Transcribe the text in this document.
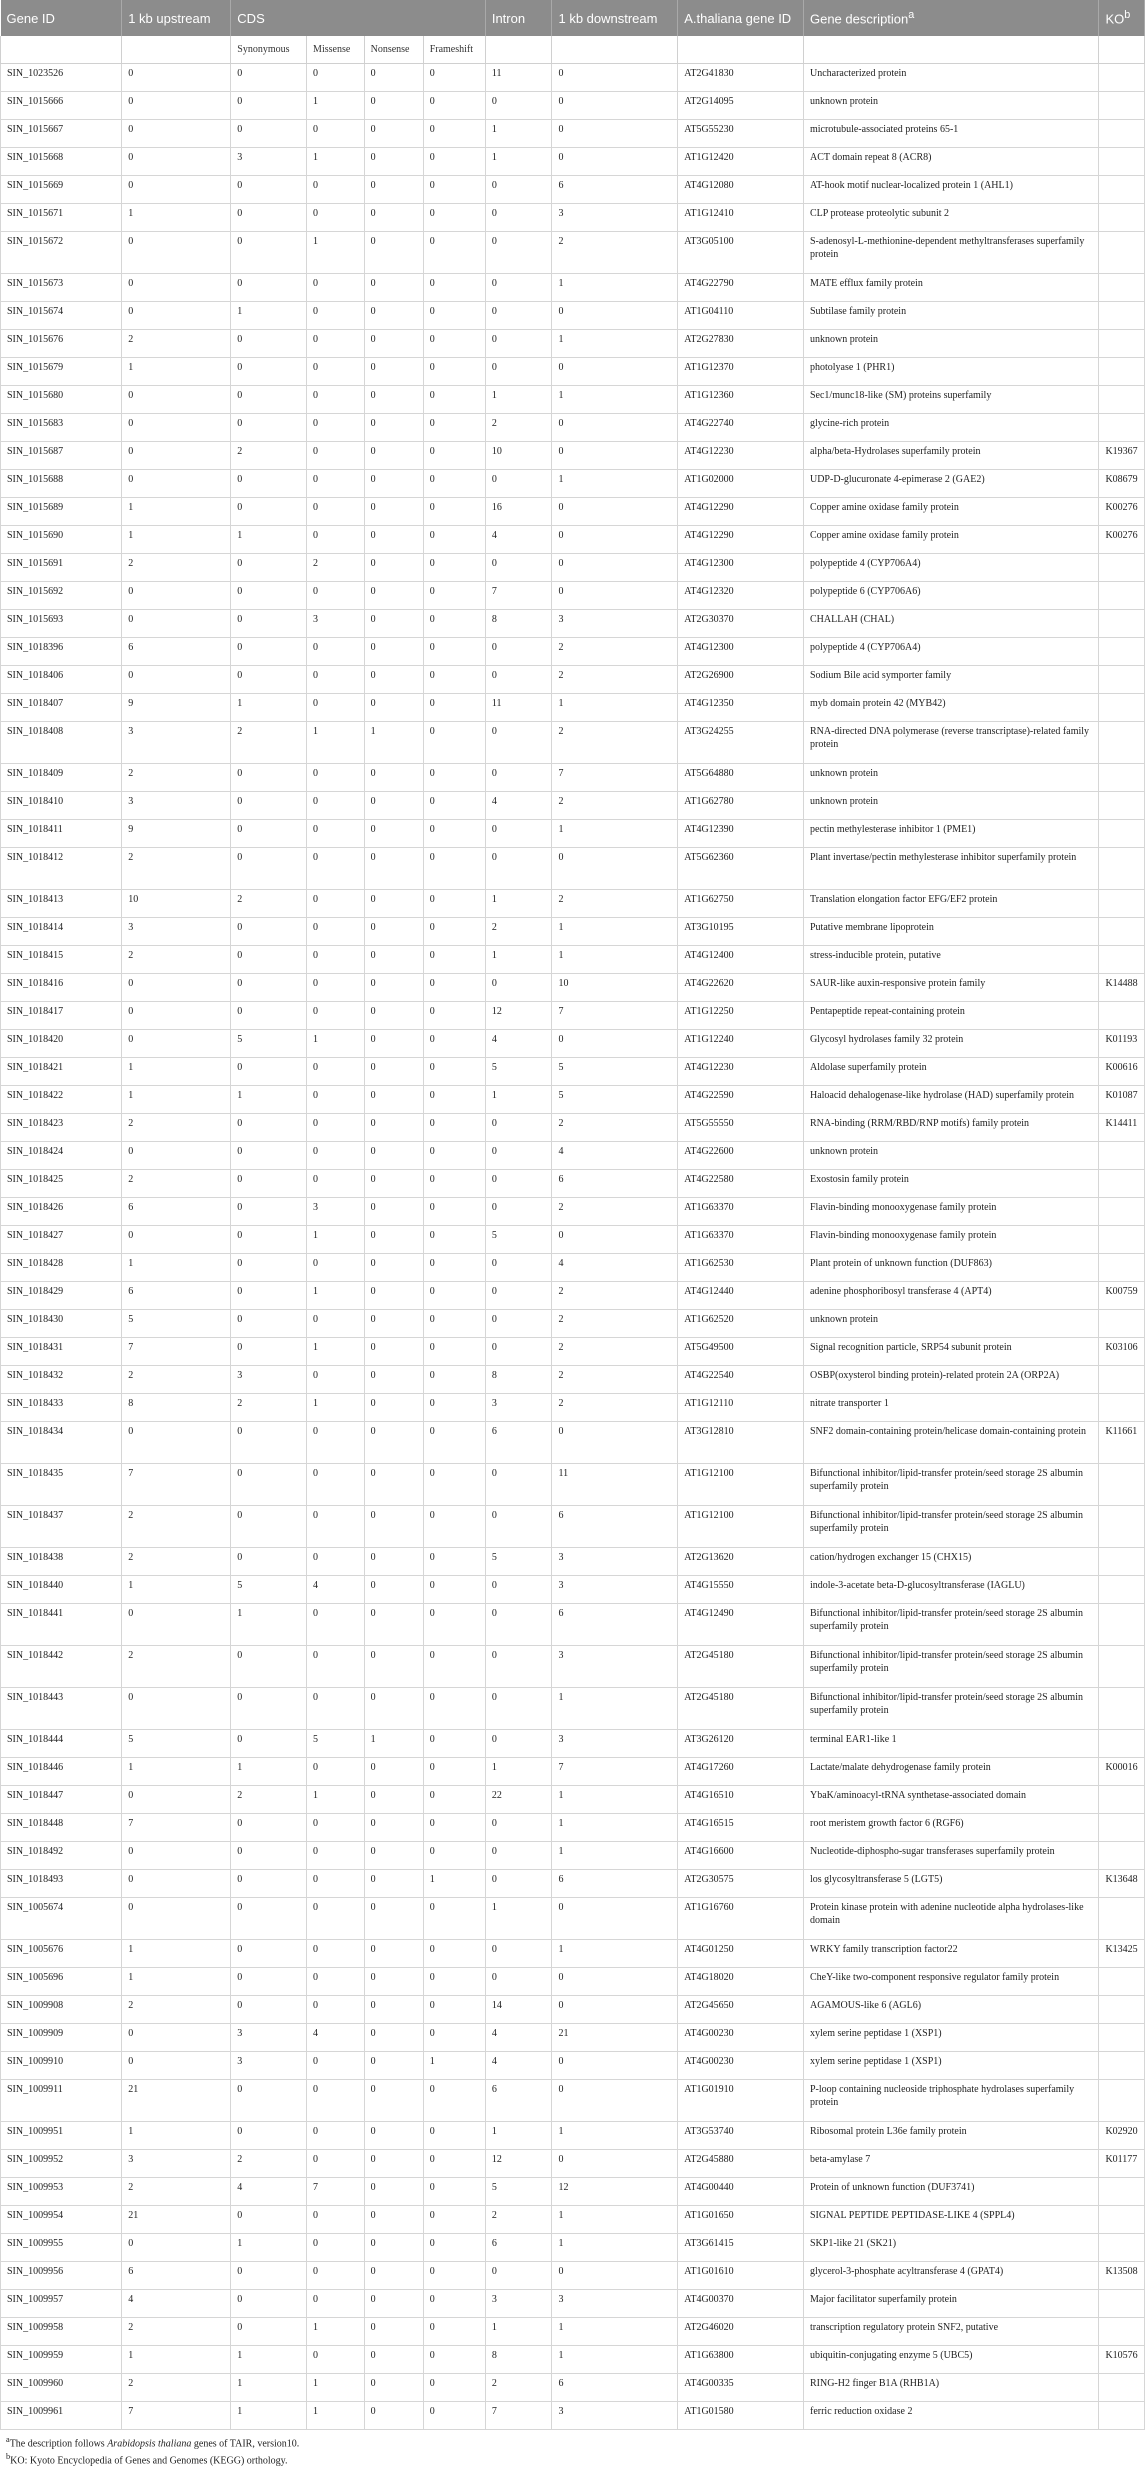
Gene ID	1 kb upstream	CDS				Intron	1 kb downstream	A.thaliana gene ID	Gene description$^a$	$KO^b$
		Synonymous	Missense	Nonsense	Frameshift					
SIN_1023526	0	0	0	0	0	11	0	AT2G41830	Uncharacterized protein	
SIN_1015666	0	0	1	0	0	0	0	AT2G14095	unknown protein	
SIN_1015667	0	0	0	0	0	1	0	AT5G55230	microtubule-associated proteins 65-1	
SIN_1015668	0	3	1	0	0	1	0	AT1G12420	ACT domain repeat 8 (ACR8)	
SIN_1015669	0	0	0	0	0	0	6	AT4G12080	AT-hook motif nuclear-localized protein 1 (AHL1)	
SIN_1015671	1	0	0	0	0	0	3	AT1G12410	CLP protease proteolytic subunit 2	
SIN_1015672	0	0	1	0	0	0	2	AT3G05100	S-adenosyl-L-methionine-dependent methyltransferases superfamily protein	
SIN_1015673	0	0	0	0	0	0	1	AT4G22790	MATE efflux family protein	
SIN_1015674	0	1	0	0	0	0	0	AT1G04110	Subtilase family protein	
SIN_1015676	2	0	0	0	0	0	1	AT2G27830	unknown protein	
SIN_1015679	1	0	0	0	0	0	0	AT1G12370	photolyase 1 (PHR1)	
SIN_1015680	0	0	0	0	0	1	1	AT1G12360	Sec1/munc18-like (SM) proteins superfamily	
SIN_1015683	0	0	0	0	0	2	0	AT4G22740	glycine-rich protein	
SIN_1015687	0	2	0	0	0	10	0	AT4G12230	alpha/beta-Hydrolases superfamily protein	K19367
SIN_1015688	0	0	0	0	0	0	1	AT1G02000	UDP-D-glucuronate 4-epimerase 2 (GAE2)	K08679
SIN_1015689	1	0	0	0	0	16	0	AT4G12290	Copper amine oxidase family protein	K00276
SIN_1015690	1	1	0	0	0	4	0	AT4G12290	Copper amine oxidase family protein	K00276
SIN_1015691	2	0	2	0	0	0	0	AT4G12300	polypeptide 4 (CYP706A4)	
SIN_1015692	0	0	0	0	0	7	0	AT4G12320	polypeptide 6 (CYP706A6)	
SIN_1015693	0	0	3	0	0	8	3	AT2G30370	CHALLAH (CHAL)	
SIN_1018396	6	0	0	0	0	0	2	AT4G12300	polypeptide 4 (CYP706A4)	
SIN_1018406	0	0	0	0	0	0	2	AT2G26900	Sodium Bile acid symporter family	
SIN_1018407	9	1	0	0	0	11	1	AT4G12350	myb domain protein 42 (MYB42)	
SIN_1018408	3	2	1	1	0	0	2	AT3G24255	RNA-directed DNA polymerase (reverse transcriptase)-related family protein	
SIN_1018409	2	0	0	0	0	0	7	AT5G64880	unknown protein	
SIN_1018410	3	0	0	0	0	4	2	AT1G62780	unknown protein	
SIN_1018411	9	0	0	0	0	0	1	AT4G12390	pectin methylesterase inhibitor 1 (PME1)	
SIN_1018412	2	0	0	0	0	0	0	AT5G62360	Plant invertase/pectin methylesterase inhibitor superfamily protein	
SIN_1018413	10	2	0	0	0	1	2	AT1G62750	Translation elongation factor EFG/EF2 protein	
SIN_1018414	3	0	0	0	0	2	1	AT3G10195	Putative membrane lipoprotein	
SIN_1018415	2	0	0	0	0	1	1	AT4G12400	stress-inducible protein, putative	
SIN_1018416	0	0	0	0	0	0	10	AT4G22620	SAUR-like auxin-responsive protein family	K14488
SIN_1018417	0	0	0	0	0	12	7	AT1G12250	Pentapeptide repeat-containing protein	
SIN_1018420	0	5	1	0	0	4	0	AT1G12240	Glycosyl hydrolases family 32 protein	K01193
SIN_1018421	1	0	0	0	0	5	5	AT4G12230	Aldolase superfamily protein	K00616
SIN_1018422	1	1	0	0	0	1	5	AT4G22590	Haloacid dehalogenase-like hydrolase (HAD) superfamily protein	K01087
SIN_1018423	2	0	0	0	0	0	2	AT5G55550	RNA-binding (RRM/RBD/RNP motifs) family protein	K14411
SIN_1018424	0	0	0	0	0	0	4	AT4G22600	unknown protein	
SIN_1018425	2	0	0	0	0	0	6	AT4G22580	Exostosin family protein	
SIN_1018426	6	0	3	0	0	0	2	AT1G63370	Flavin-binding monooxygenase family protein	
SIN_1018427	0	0	1	0	0	5	0	AT1G63370	Flavin-binding monooxygenase family protein	
SIN_1018428	1	0	0	0	0	0	4	AT1G62530	Plant protein of unknown function (DUF863)	
SIN_1018429	6	0	1	0	0	0	2	AT4G12440	adenine phosphoribosyl transferase 4 (APT4)	K00759
SIN_1018430	5	0	0	0	0	0	2	AT1G62520	unknown protein	
SIN_1018431	7	0	1	0	0	0	2	AT5G49500	Signal recognition particle, SRP54 subunit protein	K03106
SIN_1018432	2	3	0	0	0	8	2	AT4G22540	OSBP(oxysterol binding protein)-related protein 2A (ORP2A)	
SIN_1018433	8	2	1	0	0	3	2	AT1G12110	nitrate transporter 1	
SIN_1018434	0	0	0	0	0	6	0	AT3G12810	SNF2 domain-containing protein/helicase domain-containing protein	K11661
SIN_1018435	7	0	0	0	0	0	11	AT1G12100	Bifunctional inhibitor/lipid-transfer protein/seed storage 2S albumin superfamily protein	
SIN_1018437	2	0	0	0	0	0	6	AT1G12100	Bifunctional inhibitor/lipid-transfer protein/seed storage 2S albumin superfamily protein	
SIN_1018438	2	0	0	0	0	5	3	AT2G13620	cation/hydrogen exchanger 15 (CHX15)	
SIN_1018440	1	5	4	0	0	0	3	AT4G15550	indole-3-acetate beta-D-glucosyltransferase (IAGLU)	
SIN_1018441	0	1	0	0	0	0	6	AT4G12490	Bifunctional inhibitor/lipid-transfer protein/seed storage 2S albumin superfamily protein	
SIN_1018442	2	0	0	0	0	0	3	AT2G45180	Bifunctional inhibitor/lipid-transfer protein/seed storage 2S albumin superfamily protein	
SIN_1018443	0	0	0	0	0	0	1	AT2G45180	Bifunctional inhibitor/lipid-transfer protein/seed storage 2S albumin superfamily protein	
SIN_1018444	5	0	5	1	0	0	3	AT3G26120	terminal EAR1-like 1	
SIN_1018446	1	1	0	0	0	1	7	AT4G17260	Lactate/malate dehydrogenase family protein	K00016
SIN_1018447	0	2	1	0	0	22	1	AT4G16510	YbaK/aminoacyl-tRNA synthetase-associated domain	
SIN_1018448	7	0	0	0	0	0	1	AT4G16515	root meristem growth factor 6 (RGF6)	
SIN_1018492	0	0	0	0	0	0	1	AT4G16600	Nucleotide-diphospho-sugar transferases superfamily protein	
SIN_1018493	0	0	0	0	1	0	6	AT2G30575	los glycosyltransferase 5 (LGT5)	K13648
SIN_1005674	0	0	0	0	0	1	0	AT1G16760	Protein kinase protein with adenine nucleotide alpha hydrolases-like domain	
SIN_1005676	1	0	0	0	0	0	1	AT4G01250	WRKY family transcription factor22	K13425
SIN_1005696	1	0	0	0	0	0	0	AT4G18020	CheY-like two-component responsive regulator family protein	
SIN_1009908	2	0	0	0	0	14	0	AT2G45650	AGAMOUS-like 6 (AGL6)	
SIN_1009909	0	3	4	0	0	4	21	AT4G00230	xylem serine peptidase 1 (XSP1)	
SIN_1009910	0	3	0	0	1	4	0	AT4G00230	xylem serine peptidase 1 (XSP1)	
SIN_1009911	21	0	0	0	0	6	0	AT1G01910	P-loop containing nucleoside triphosphate hydrolases superfamily protein	
SIN_1009951	1	0	0	0	0	1	1	AT3G53740	Ribosomal protein L36e family protein	K02920
SIN_1009952	3	2	0	0	0	12	0	AT2G45880	beta-amylase 7	K01177
SIN_1009953	2	4	7	0	0	5	12	AT4G00440	Protein of unknown function (DUF3741)	
SIN_1009954	21	0	0	0	0	2	1	AT1G01650	SIGNAL PEPTIDE PEPTIDASE-LIKE 4 (SPPL4)	
SIN_1009955	0	1	0	0	0	6	1	AT3G61415	SKP1-like 21 (SK21)	
SIN_1009956	6	0	0	0	0	0	0	AT1G01610	glycerol-3-phosphate acyltransferase 4 (GPAT4)	K13508
SIN_1009957	4	0	0	0	0	3	3	AT4G00370	Major facilitator superfamily protein	
SIN_1009958	2	0	1	0	0	1	1	AT2G46020	transcription regulatory protein SNF2, putative	
SIN_1009959	1	1	0	0	0	8	1	AT1G63800	ubiquitin-conjugating enzyme 5 (UBC5)	K10576
SIN_1009960	2	1	1	0	0	2	6	AT4G00335	RING-H2 finger B1A (RHB1A)	
SIN_1009961	7	1	1	0	0	7	3	AT1G01580	ferric reduction oxidase 2	
$^a$The description follows Arabidopsis thaliana genes of TAIR, version10.
$^b$KO: Kyoto Encyclopedia of Genes and Genomes (KEGG) orthology.
